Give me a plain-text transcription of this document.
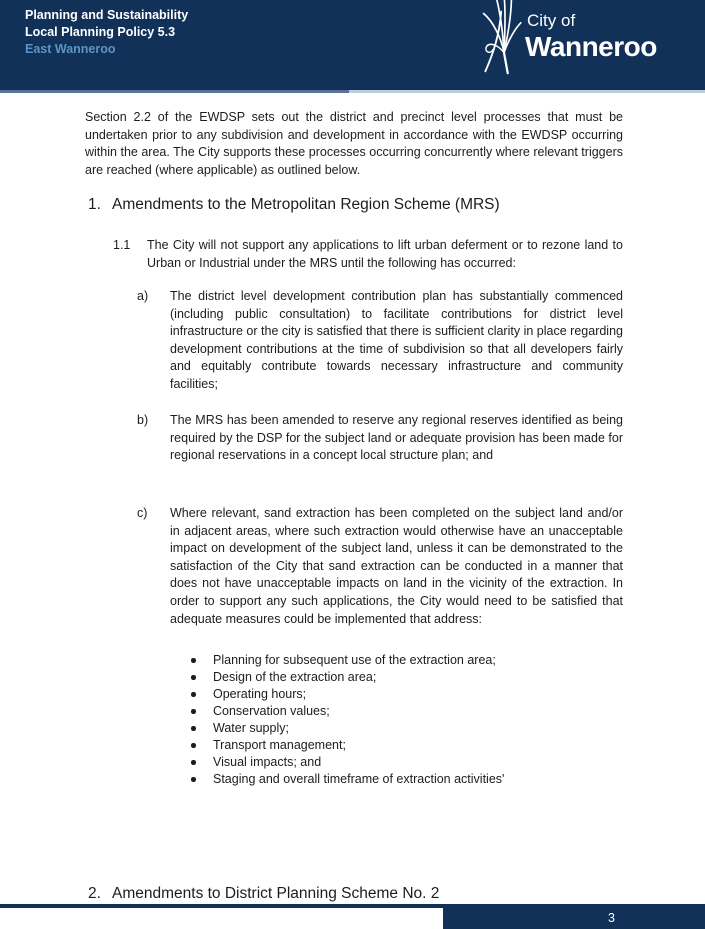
Planning and Sustainability
Local Planning Policy 5.3
East Wanneroo
City of
Wanneroo
Section 2.2 of the EWDSP sets out the district and precinct level processes that must be undertaken prior to any subdivision and development in accordance with the EWDSP occurring within the area. The City supports these processes occurring concurrently where relevant triggers are reached (where applicable) as outlined below.
1. Amendments to the Metropolitan Region Scheme (MRS)
1.1	The City will not support any applications to lift urban deferment or to rezone land to Urban or Industrial under the MRS until the following has occurred:
a)	The district level development contribution plan has substantially commenced (including public consultation) to facilitate contributions for district level infrastructure or the city is satisfied that there is sufficient clarity in place regarding development contributions at the time of subdivision so that all developers fairly and equitably contribute towards necessary infrastructure and community facilities;
b)	The MRS has been amended to reserve any regional reserves identified as being required by the DSP for the subject land or adequate provision has been made for regional reservations in a concept local structure plan; and
c)	Where relevant, sand extraction has been completed on the subject land and/or in adjacent areas, where such extraction would otherwise have an unacceptable impact on development of the subject land, unless it can be demonstrated to the satisfaction of the City that sand extraction can be conducted in a manner that does not have unacceptable impacts on land in the vicinity of the extraction. In order to support any such applications, the City would need to be satisfied that adequate measures could be implemented that address:
Planning for subsequent use of the extraction area;
Design of the extraction area;
Operating hours;
Conservation values;
Water supply;
Transport management;
Visual impacts; and
Staging and overall timeframe of extraction activities'
2. Amendments to District Planning Scheme No. 2
3
